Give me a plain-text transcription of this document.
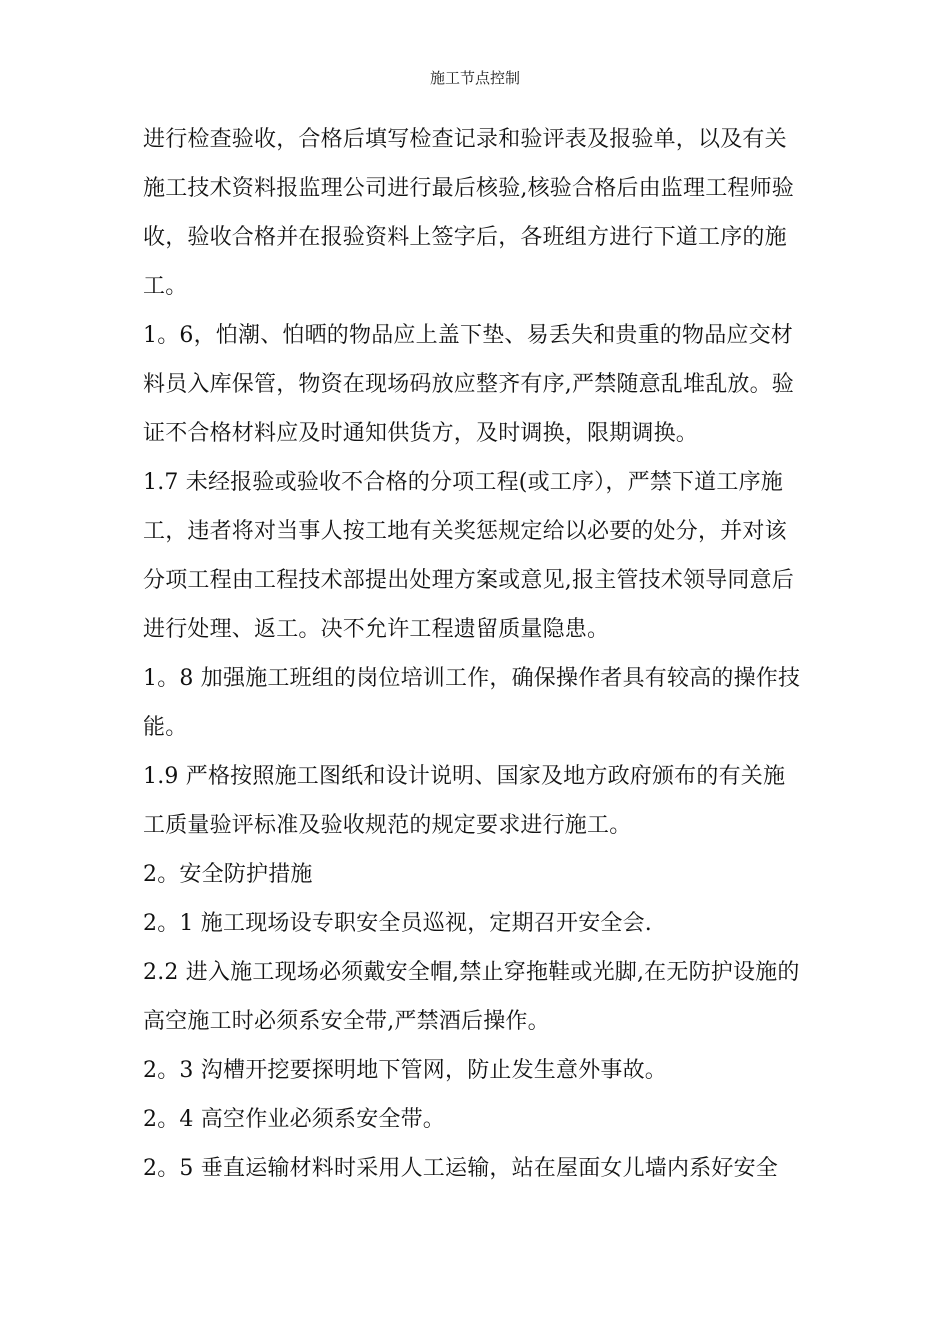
施工节点控制
进行检查验收，合格后填写检查记录和验评表及报验单，以及有关
施工技术资料报监理公司进行最后核验,核验合格后由监理工程师验
收，验收合格并在报验资料上签字后，各班组方进行下道工序的施
工。
1。6，怕潮、怕晒的物品应上盖下垫、易丢失和贵重的物品应交材
料员入库保管，物资在现场码放应整齐有序,严禁随意乱堆乱放。验
证不合格材料应及时通知供货方，及时调换，限期调换。
1.7 未经报验或验收不合格的分项工程(或工序），严禁下道工序施
工，违者将对当事人按工地有关奖惩规定给以必要的处分，并对该
分项工程由工程技术部提出处理方案或意见,报主管技术领导同意后
进行处理、返工。决不允许工程遗留质量隐患。
1。8 加强施工班组的岗位培训工作，确保操作者具有较高的操作技
能。
1.9 严格按照施工图纸和设计说明、国家及地方政府颁布的有关施
工质量验评标准及验收规范的规定要求进行施工。
2。安全防护措施
2。1 施工现场设专职安全员巡视，定期召开安全会.
2.2 进入施工现场必须戴安全帽,禁止穿拖鞋或光脚,在无防护设施的
高空施工时必须系安全带,严禁酒后操作。
2。3 沟槽开挖要探明地下管网，防止发生意外事故。
2。4 高空作业必须系安全带。
2。5 垂直运输材料时采用人工运输，站在屋面女儿墙内系好安全
